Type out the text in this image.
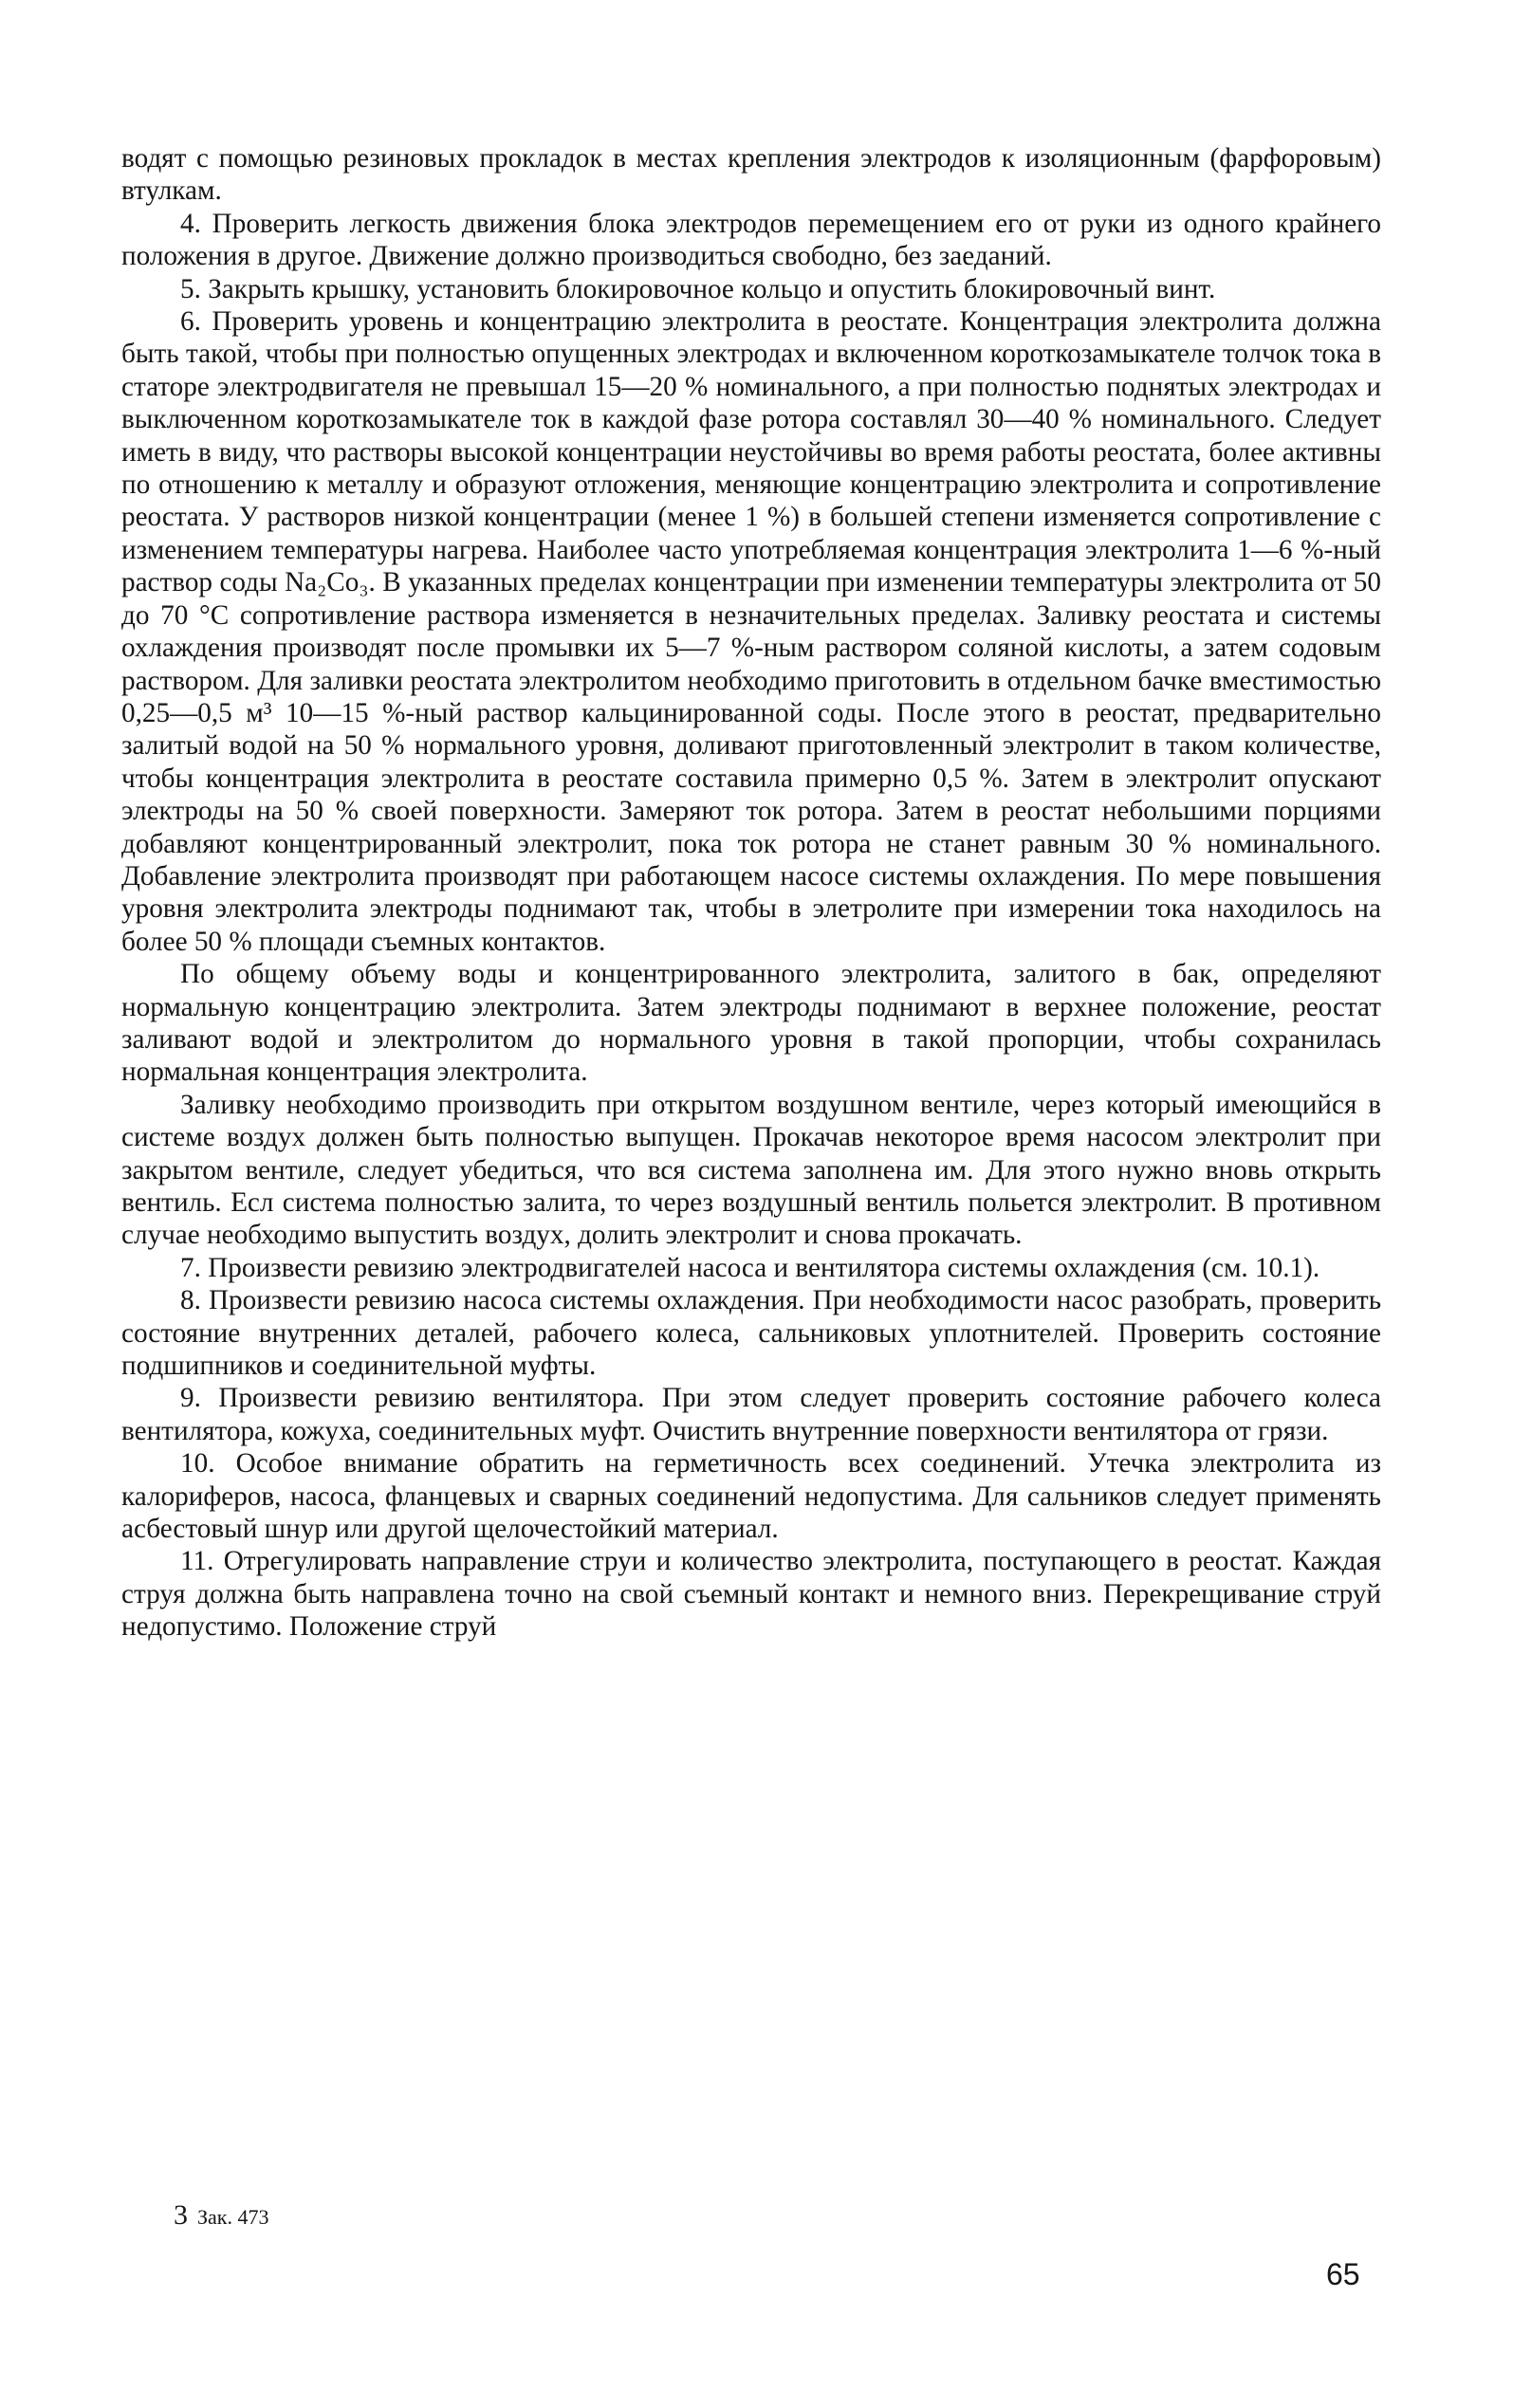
водят с помощью резиновых прокладок в местах крепления электродов к изоляционным (фарфоровым) втулкам.

4. Проверить легкость движения блока электродов перемещением его от руки из одного крайнего положения в другое. Движение должно производиться свободно, без заеданий.

5. Закрыть крышку, установить блокировочное кольцо и опустить блокировочный винт.

6. Проверить уровень и концентрацию электролита в реостате. Концентрация электролита должна быть такой, чтобы при полностью опущенных электродах и включенном короткозамыкателе толчок тока в статоре электродвигателя не превышал 15—20 % номинального, а при полностью поднятых электродах и выключенном короткозамыкателе ток в каждой фазе ротора составлял 30—40 % номинального. Следует иметь в виду, что растворы высокой концентрации неустойчивы во время работы реостата, более активны по отношению к металлу и образуют отложения, меняющие концентрацию электролита и сопротивление реостата. У растворов низкой концентрации (менее 1 %) в большей степени изменяется сопротивление с изменением температуры нагрева. Наиболее часто употребляемая концентрация электролита 1—6 %-ный раствор соды Na₂Co₃. В указанных пределах концентрации при изменении температуры электролита от 50 до 70 °С сопротивление раствора изменяется в незначительных пределах. Заливку реостата и системы охлаждения производят после промывки их 5—7 %-ным раствором соляной кислоты, а затем содовым раствором. Для заливки реостата электролитом необходимо приготовить в отдельном бачке вместимостью 0,25—0,5 м³ 10—15 %-ный раствор кальцинированной соды. После этого в реостат, предварительно залитый водой на 50 % нормального уровня, доливают приготовленный электролит в таком количестве, чтобы концентрация электролита в реостате составила примерно 0,5 %. Затем в электролит опускают электроды на 50 % своей поверхности. Замеряют ток ротора. Затем в реостат небольшими порциями добавляют концентрированный электролит, пока ток ротора не станет равным 30 % номинального. Добавление электролита производят при работающем насосе системы охлаждения. По мере повышения уровня электролита электроды поднимают так, чтобы в элетролите при измерении тока находилось на более 50 % площади съемных контактов.

По общему объему воды и концентрированного электролита, залитого в бак, определяют нормальную концентрацию электролита. Затем электроды поднимают в верхнее положение, реостат заливают водой и электролитом до нормального уровня в такой пропорции, чтобы сохранилась нормальная концентрация электролита.

Заливку необходимо производить при открытом воздушном вентиле, через который имеющийся в системе воздух должен быть полностью выпущен. Прокачав некоторое время насосом электролит при закрытом вентиле, следует убедиться, что вся система заполнена им. Для этого нужно вновь открыть вентиль. Есл система полностью залита, то через воздушный вентиль польется электролит. В противном случае необходимо выпустить воздух, долить электролит и снова прокачать.

7. Произвести ревизию электродвигателей насоса и вентилятора системы охлаждения (см. 10.1).

8. Произвести ревизию насоса системы охлаждения. При необходимости насос разобрать, проверить состояние внутренних деталей, рабочего колеса, сальниковых уплотнителей. Проверить состояние подшипников и соединительной муфты.

9. Произвести ревизию вентилятора. При этом следует проверить состояние рабочего колеса вентилятора, кожуха, соединительных муфт. Очистить внутренние поверхности вентилятора от грязи.

10. Особое внимание обратить на герметичность всех соединений. Утечка электролита из калориферов, насоса, фланцевых и сварных соединений недопустима. Для сальников следует применять асбестовый шнур или другой щелочестойкий материал.

11. Отрегулировать направление струи и количество электролита, поступающего в реостат. Каждая струя должна быть направлена точно на свой съемный контакт и немного вниз. Перекрещивание струй недопустимо. Положение струй

3 Зак. 473
65
